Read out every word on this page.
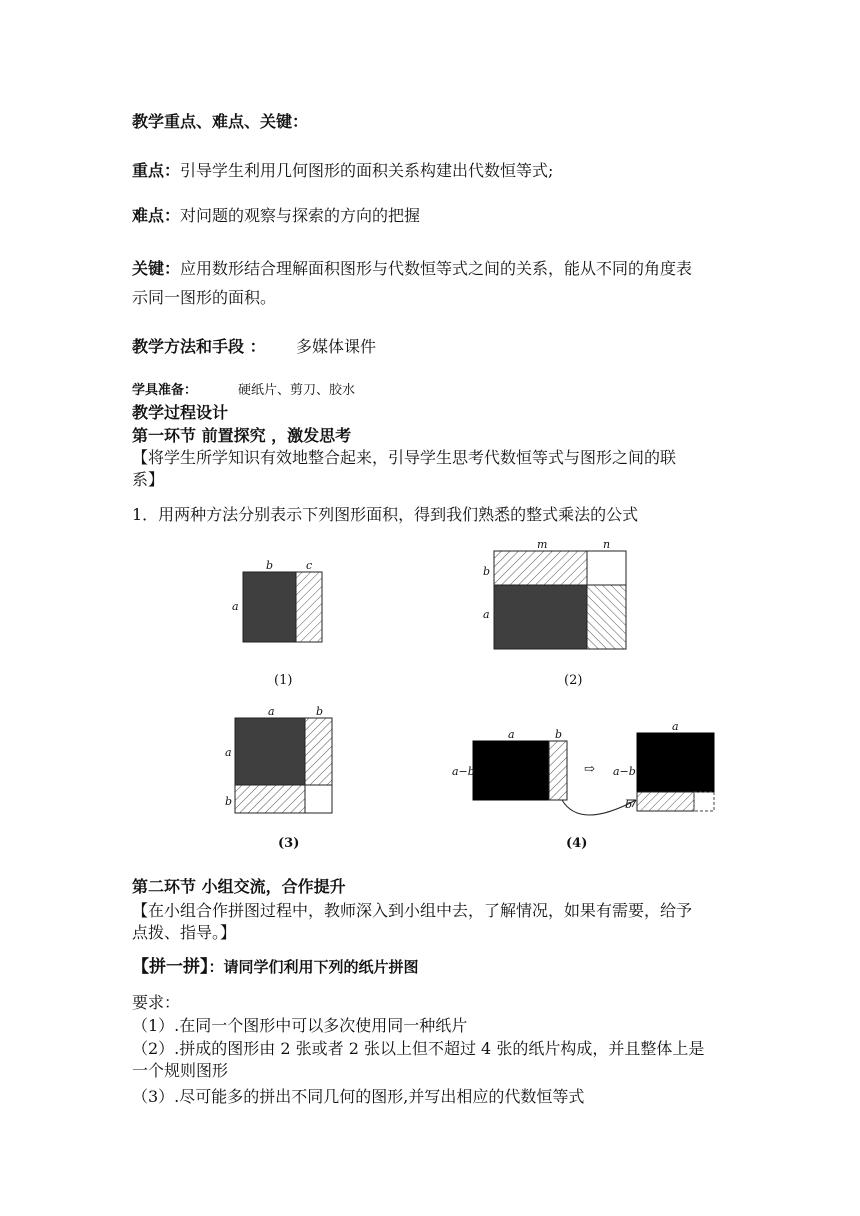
教学重点、难点、关键：
重点：引导学生利用几何图形的面积关系构建出代数恒等式;
难点：对问题的观察与探索的方向的把握
关键：应用数形结合理解面积图形与代数恒等式之间的关系，能从不同的角度表
示同一图形的面积。
教学方法和手段 ： 多媒体课件
学具准备：	硬纸片、剪刀、胶水
教学过程设计
第一环节 前置探究 ，激发思考
【将学生所学知识有效地整合起来，引导学生思考代数恒等式与图形之间的联
系】
1．用两种方法分别表示下列图形面积，得到我们熟悉的整式乘法的公式
b	c
a
(1)
m	n
b
a
(2)
a	b
a
b
(3)
a	b
a−b	⇨
a
a−b
b
(4)
第二环节 小组交流，合作提升
【在小组合作拼图过程中，教师深入到小组中去，了解情况，如果有需要，给予
点拨、指导。】
【拼一拼】：请同学们利用下列的纸片拼图
要求：
（1）.在同一个图形中可以多次使用同一种纸片
（2）.拼成的图形由 2 张或者 2 张以上但不超过 4 张的纸片构成，并且整体上是
一个规则图形
（3）.尽可能多的拼出不同几何的图形,并写出相应的代数恒等式
